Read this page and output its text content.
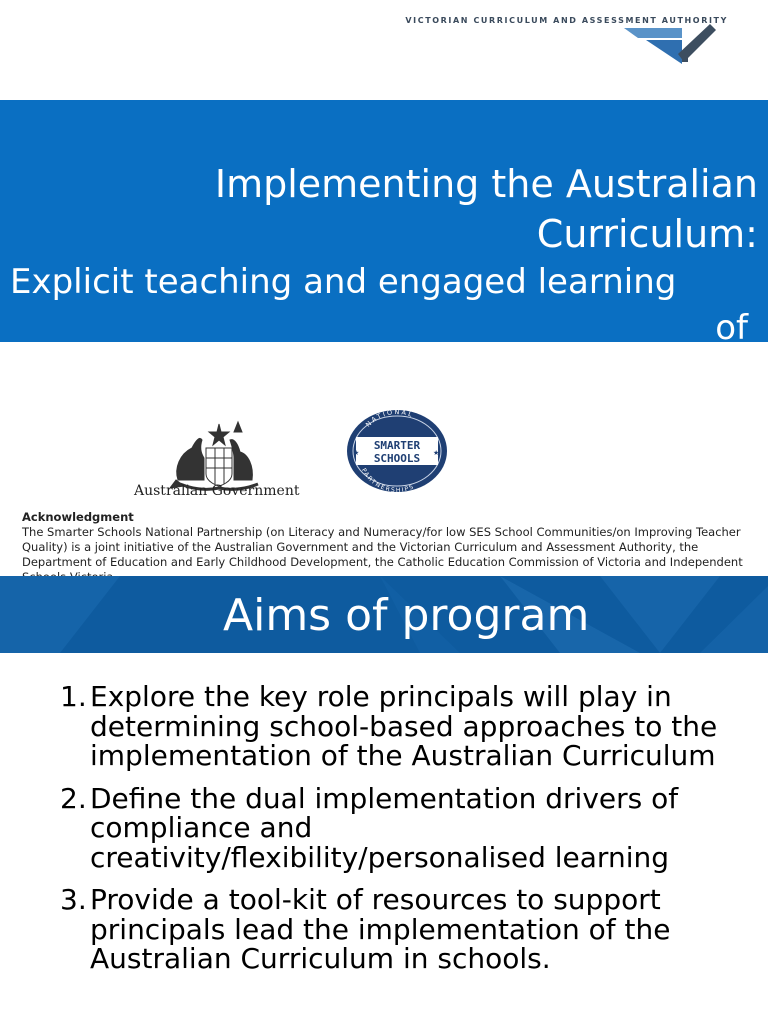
VICTORIAN CURRICULUM AND ASSESSMENT AUTHORITY
Implementing the Australian
Curriculum:
Explicit teaching and engaged learning
of
Australian Government
NATIONAL
PARTNERSHIPS
SMARTER
SCHOOLS
★	★
Acknowledgment
The Smarter Schools National Partnership (on Literacy and Numeracy/for low SES School Communities/on Improving Teacher Quality) is a joint initiative of the Australian Government and the Victorian Curriculum and Assessment Authority, the Department of Education and Early Childhood Development, the Catholic Education Commission of Victoria and Independent
Aims of program
1. Explore the key role principals will play in determining school-based approaches to the implementation of the Australian Curriculum
2. Define the dual implementation drivers of compliance and creativity/flexibility/personalised learning
3. Provide a tool-kit of resources to support principals lead the implementation of the Australian Curriculum in schools.
